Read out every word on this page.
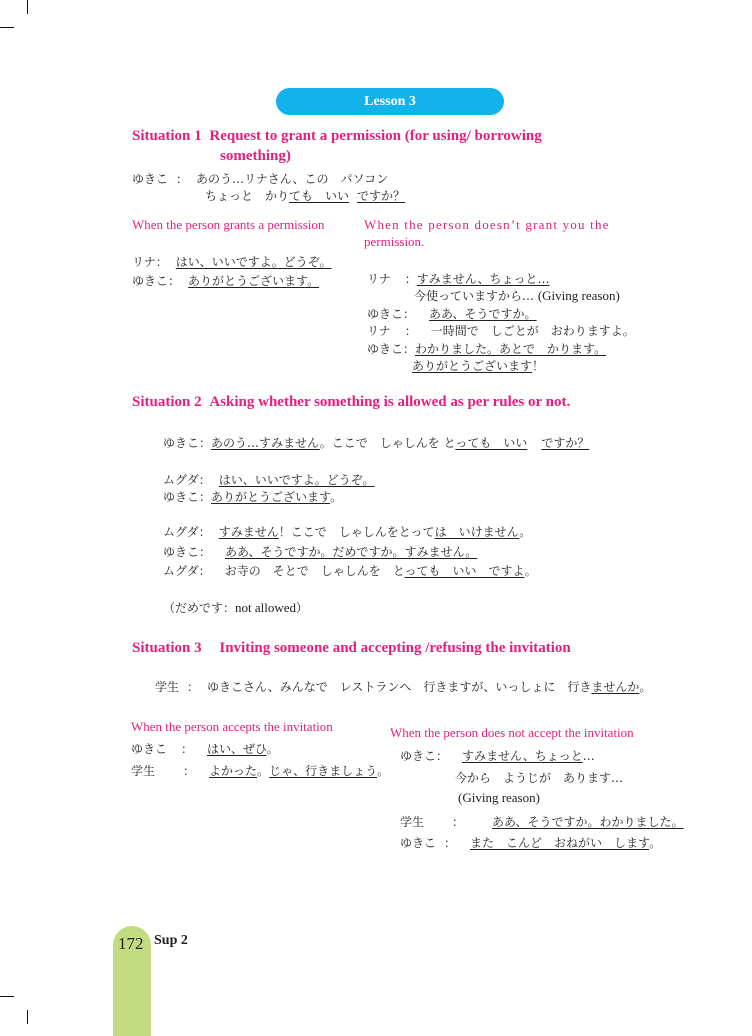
Lesson 3
Situation 1 Request to grant a permission (for using/ borrowing
something)
ゆきこ ： あのう…リナさん、この　パソコン
ちょっと　かりても　いい ですか？
When the person grants a permission	When the person doesn’t grant you the
permission.
リナ： はい、いいですよ。どうぞ。
ゆきこ： ありがとうございます。	リナ ：すみません、ちょっと…
今使っていますから… (Giving reason)
ゆきこ： ああ、そうですか。
リナ ： 一時間で　しごとが　おわりますよ。
ゆきこ：わかりました。あとで　かります。
ありがとうございます！
Situation 2 Asking whether something is allowed as per rules or not.
ゆきこ：あのう…すみません。ここで　しゃしんを とっても　いい ですか？
ムグダ： はい、いいですよ。どうぞ。
ゆきこ：ありがとうございます。
ムグダ： すみません！ここで　しゃしんをとっては　いけません。
ゆきこ： ああ、そうですか。だめですか。すみません。
ムグダ： お寺の　そとで　しゃしんを　とっても　いい　ですよ。
（だめです：not allowed）
Situation 3 Inviting someone and accepting /refusing the invitation
学生 ： ゆきこさん、みんなで　レストランへ　行きますが、いっしょに　行きませんか。
When the person accepts the invitation
ゆきこ ： はい、ぜひ。
学生 ： よかった。じゃ、行きましょう。
When the person does not accept the invitation
ゆきこ： すみません、ちょっと…
今から　ようじが　あります…
(Giving reason)
学生 ： ああ、そうですか。わかりました。
ゆきこ ： また　こんど　おねがい　します。
172 Sup 2
